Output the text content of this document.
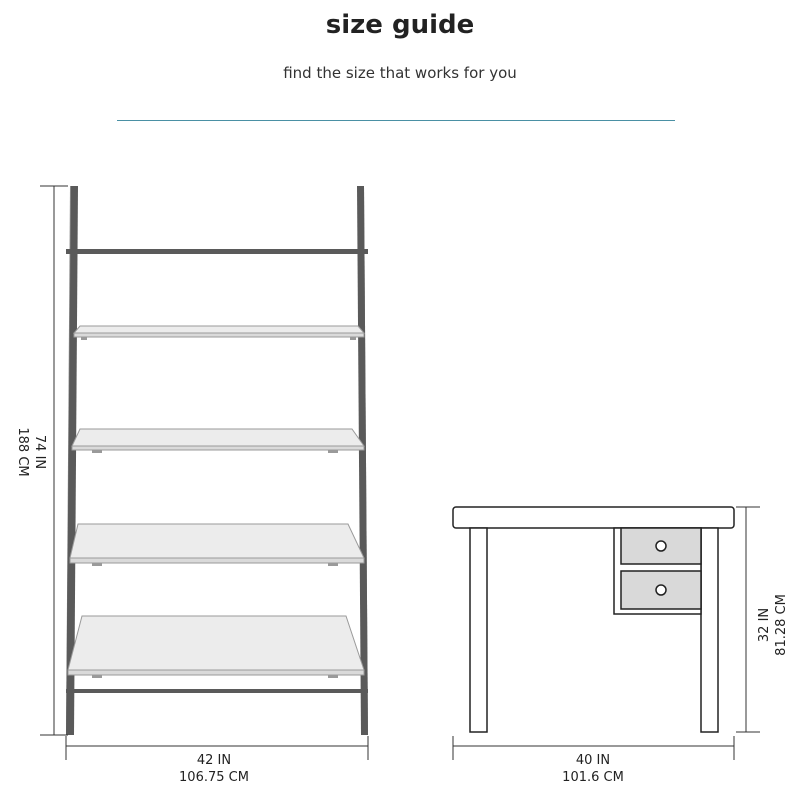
size guide
find the size that works for you
74 IN
188 CM
42 IN
106.75 CM
32 IN 81.28 CM
40 IN
101.6 CM
